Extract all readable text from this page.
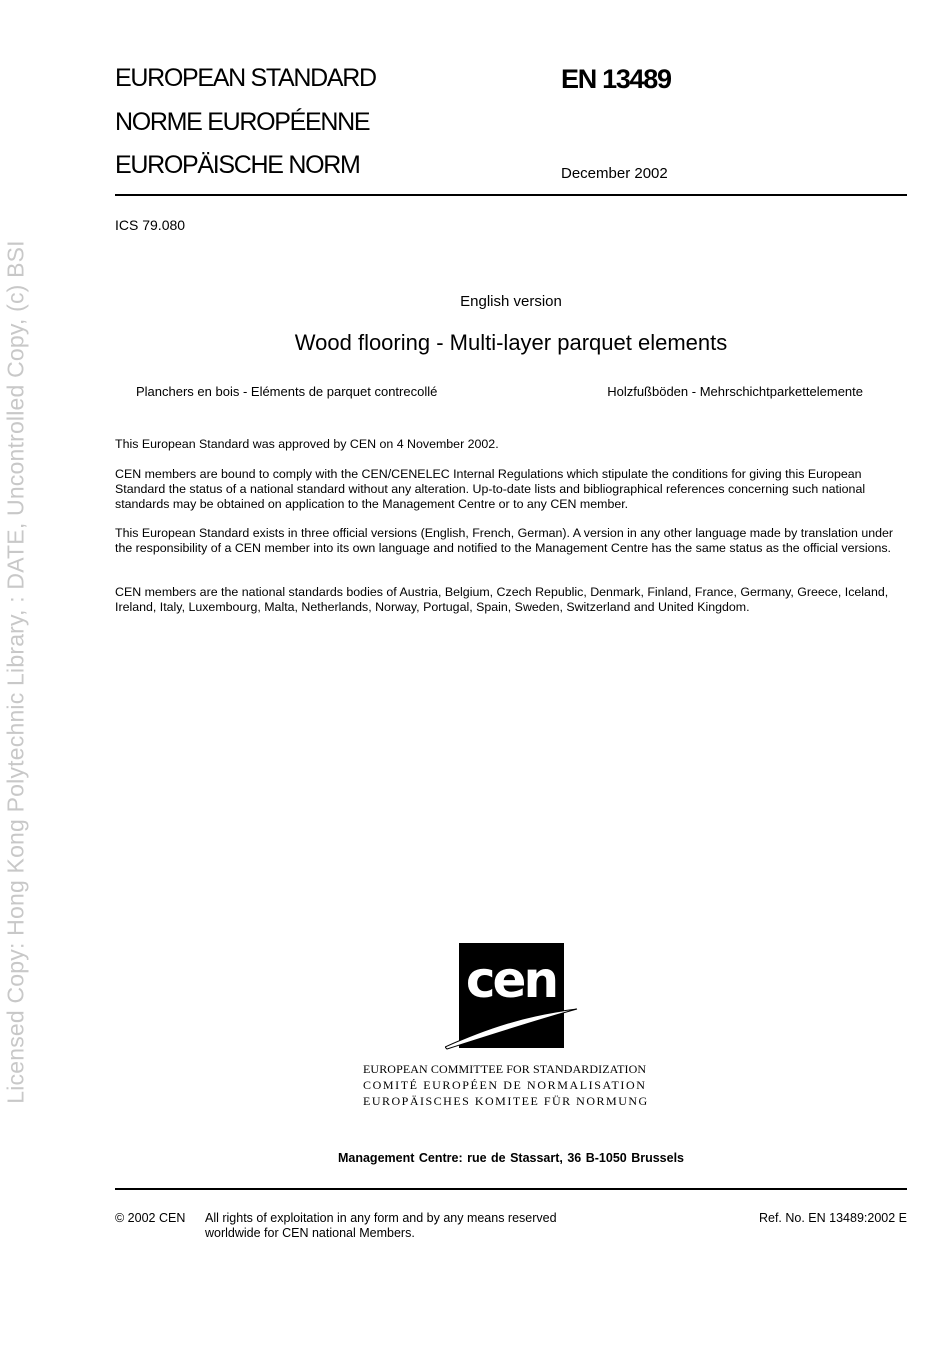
Licensed Copy: Hong Kong Polytechnic Library, : DATE, Uncontrolled Copy, (c) BSI
EUROPEAN STANDARD
NORME EUROPÉENNE
EUROPÄISCHE NORM
EN 13489
December 2002
ICS 79.080
English version
Wood flooring - Multi-layer parquet elements
Planchers en bois - Eléments de parquet contrecollé	Holzfußböden - Mehrschichtparkettelemente

This European Standard was approved by CEN on 4 November 2002.

CEN members are bound to comply with the CEN/CENELEC Internal Regulations which stipulate the conditions for giving this European Standard the status of a national standard without any alteration. Up-to-date lists and bibliographical references concerning such national standards may be obtained on application to the Management Centre or to any CEN member.

This European Standard exists in three official versions (English, French, German). A version in any other language made by translation under the responsibility of a CEN member into its own language and notified to the Management Centre has the same status as the official versions.

CEN members are the national standards bodies of Austria, Belgium, Czech Republic, Denmark, Finland, France, Germany, Greece, Iceland, Ireland, Italy, Luxembourg, Malta, Netherlands, Norway, Portugal, Spain, Sweden, Switzerland and United Kingdom.

cen
EUROPEAN COMMITTEE FOR STANDARDIZATION
COMITÉ EUROPÉEN DE NORMALISATION
EUROPÄISCHES KOMITEE FÜR NORMUNG
Management Centre: rue de Stassart, 36 B-1050 Brussels
© 2002 CEN All rights of exploitation in any form and by any means reserved
worldwide for CEN national Members.
Ref. No. EN 13489:2002 E
